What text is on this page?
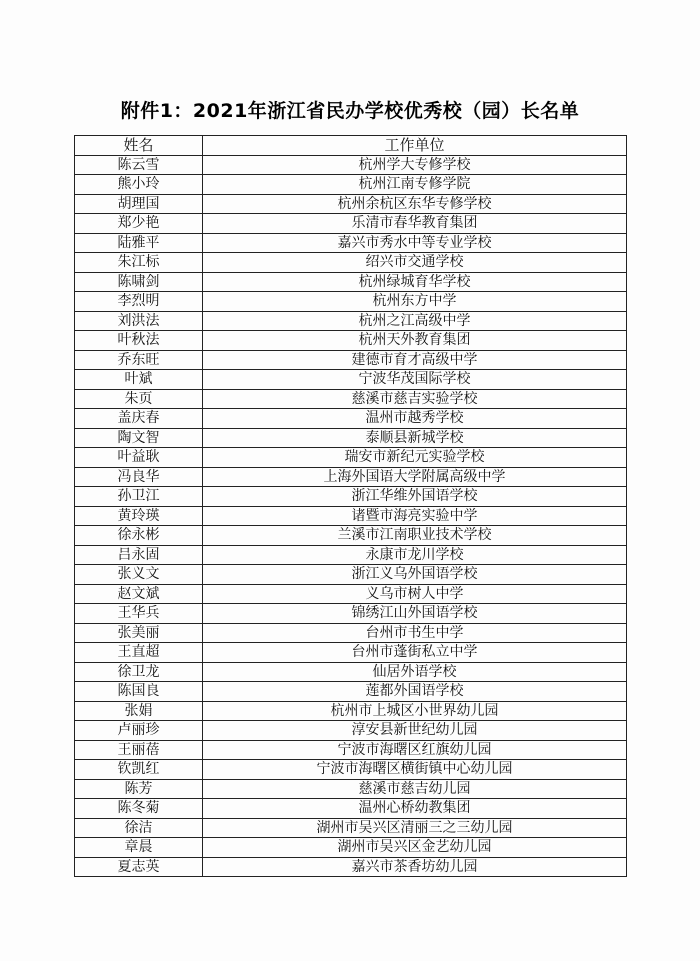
附件1：2021年浙江省民办学校优秀校（园）长名单
姓名	工作单位
陈云雪	杭州学大专修学校
熊小玲	杭州江南专修学院
胡理国	杭州余杭区东华专修学校
郑少艳	乐清市春华教育集团
陆雅平	嘉兴市秀水中等专业学校
朱江标	绍兴市交通学校
陈啸剑	杭州绿城育华学校
李烈明	杭州东方中学
刘洪法	杭州之江高级中学
叶秋法	杭州天外教育集团
乔东旺	建德市育才高级中学
叶斌	宁波华茂国际学校
朱页	慈溪市慈吉实验学校
盖庆春	温州市越秀学校
陶文智	泰顺县新城学校
叶益耿	瑞安市新纪元实验学校
冯良华	上海外国语大学附属高级中学
孙卫江	浙江华维外国语学校
黄玲瑛	诸暨市海亮实验中学
徐永彬	兰溪市江南职业技术学校
吕永固	永康市龙川学校
张义文	浙江义乌外国语学校
赵文斌	义乌市树人中学
王华兵	锦绣江山外国语学校
张美丽	台州市书生中学
王直超	台州市蓬街私立中学
徐卫龙	仙居外语学校
陈国良	莲都外国语学校
张娟	杭州市上城区小世界幼儿园
卢丽珍	淳安县新世纪幼儿园
王丽蓓	宁波市海曙区红旗幼儿园
钦凯红	宁波市海曙区横街镇中心幼儿园
陈芳	慈溪市慈吉幼儿园
陈冬菊	温州心桥幼教集团
徐洁	湖州市吴兴区清丽三之三幼儿园
章晨	湖州市吴兴区金艺幼儿园
夏志英	嘉兴市茶香坊幼儿园
